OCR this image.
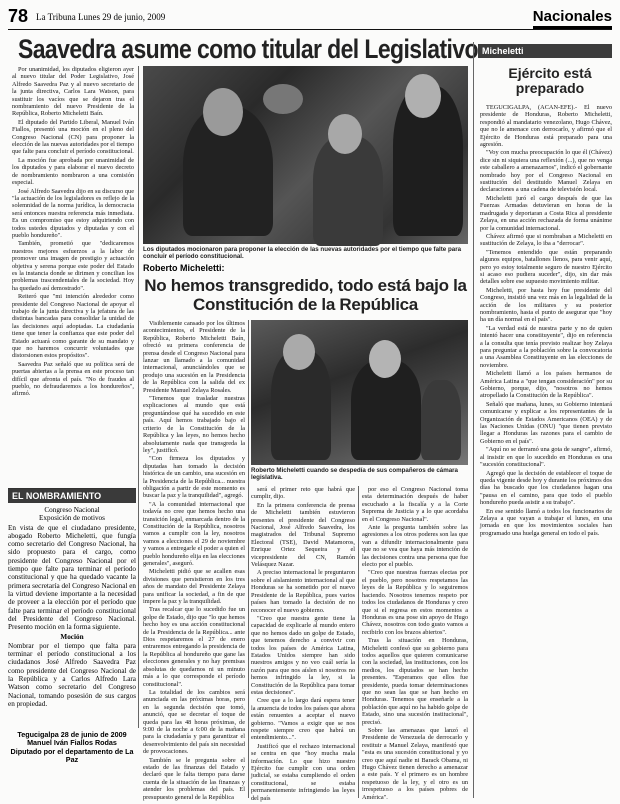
78 La Tribuna Lunes 29 de junio, 2009	Nacionales
Saavedra asume como titular del Legislativo

Por unanimidad, los diputados eligieron ayer al nuevo titular del Poder Legislativo, José Alfredo Saavedra Paz y al nuevo secretario de la junta directiva, Carlos Lara Watson, para sustituir los vacíos que se dejaron tras el nombramiento del nuevo Presidente de la República, Roberto Micheletti Baín.

El diputado del Partido Liberal, Manuel Iván Fiallos, presentó una moción en el pleno del Congreso Nacional (CN) para proponer la elección de las nuevas autoridades por el tiempo que falte para concluir el período constitucional.

La moción fue aprobada por unanimidad de los diputados y para elaborar el nuevo decreto de nombramiento nombraron a una comisión especial.

José Alfredo Saavedra dijo en su discurso que "la actuación de los legisladores es reflejo de la solemnidad de la norma jurídica, la democracia será entonces nuestra referencia más inmediata. Es un compromiso que estoy adquiriendo con todos ustedes diputados y diputadas y con el pueblo hondureño".

También, prometió que "dedicaremos nuestros mejores esfuerzos a la labor de promover una imagen de prestigio y actuación objetiva y serena porque este poder del Estado es la instancia donde se dirimen y concilian los problemas trascendentales de la sociedad. Hoy ha quedado así demostrado".

Reiteró que "mi intención alrededor como presidente del Congreso Nacional de apoyar el trabajo de la junta directiva y la jefatura de las distintas bancadas para consolidar la unidad de las decisiones aquí adoptadas. La ciudadanía tiene que tener la confianza que este poder del Estado actuará como garante de su mandato y que no haremos concurrir voluntades que distorsionen estos propósitos".

Saavedra Paz señaló que su política será de puertas abiertas a la prensa en este proceso tan difícil que afronta el país. "No de fraudes al pueblo, no defraudaremos a los hondureños", afirmó.

Los diputados mocionaron para proponer la elección de las nuevas autoridades por el tiempo que falte para concluir el período constitucional.
Roberto Micheletti:
No hemos transgredido, todo está bajo la Constitución de la República

Visiblemente cansado por los últimos acontecimientos, el Presidente de la República, Roberto Micheletti Baín, ofreció su primera conferencia de prensa desde el Congreso Nacional para lanzar un llamado a la comunidad internacional, anunciándoles que se produjo una sucesión en la Presidencia de la República con la salida del ex Presidente Manuel Zelaya Rosales.

"Tenemos que trasladar nuestras explicaciones al mundo que está preguntándose qué ha sucedido en este país. Aquí hemos trabajado bajo el criterio de la Constitución de la República y las leyes, no hemos hecho absolutamente nada que transgreda la ley", justificó.

"Con firmeza los diputados y diputadas han tomado la decisión histórica de un cambio, una sucesión en la Presidencia de la República... nuestra obligación a partir de este momento es buscar la paz y la tranquilidad", agregó.

"A la comunidad internacional que todavía no cree que hemos hecho una transición legal, enmarcada dentro de la Constitución de la República, nosotros vamos a cumplir con la ley, nosotros vamos a elecciones el 29 de noviembre y vamos a entregarle el poder a quien el pueblo hondureño elija en las elecciones generales", aseguró.

Micheletti pidió que se acallen esas divisiones que persistieron en los tres años de mandato del Presidente Zelaya para unificar la sociedad, a fin de que impere la paz y la tranquilidad.

Tras recalcar que lo sucedido fue un golpe de Estado, dijo que "lo que hemos hecho hoy es una acción constitucional de la Presidencia de la República... ante Dios respetaremos el 27 de enero entraremos entregando la presidencia de la República al hondureño que gane las elecciones generales y no hay premisas absolutas de quedarnos ni un minuto más a lo que corresponde el período constitucional".

La totalidad de los cambios será anunciada en las próximas horas, pero en la segunda decisión que tomó, anunció, que se decretar el toque de queda para las 48 horas próximas, de 9:00 de la noche a 6:00 de la mañana para la ciudadanía y para garantizar el desenvolvimiento del país sin necesidad de provocaciones.

También se le pregunta sobre el estado de las finanzas del Estado y declaró que le falta tiempo para darse cuenta de la situación de las finanzas y atender los problemas del país. El presupuesto general de la República

Roberto Micheletti cuando se despedía de sus compañeros de cámara legislativa.

será el primer reto que habrá que cumplir, dijo.

En la primera conferencia de prensa de Micheletti también estuvieron presentes el presidente del Congreso Nacional, José Alfredo Saavedra, los magistrados del Tribunal Supremo Electoral (TSE), David Matamoros, Enrique Ortez Sequeira y el vicepresidente del CN, Ramón Velásquez Nazar.

A preciso internacional le preguntaron sobre el aislamiento internacional al que Honduras se ha sometido por el nuevo Presidente de la República, pues varios países han tomado la decisión de no reconocer el nuevo gobierno.

"Creo que nuestra gente tiene la capacidad de explicarle al mundo entero que no hemos dado un golpe de Estado, que tenemos derecho a convivir con todos los países de América Latina, Estados Unidos siempre han sido nuestros amigos y no veo cuál sería la razón para que nos aíslen si nosotros no hemos infringido la ley, si la Constitución de la República para tomar estas decisiones".

Cree que a lo largo dará espera tener la anuencia de todos los países que ahora están renuentes a aceptar el nuevo gobierno. "Vamos a exigir que se nos respete siempre creo que habrá un entendimiento...".

Justificó que el rechazo internacional se centra en que "hoy mucha mala información. Lo que hizo nuestro Ejército fue cumplir con una orden judicial, se estaba cumpliendo el orden constitucional, se estaba permanentemente infringiendo las leyes del país

por eso el Congreso Nacional toma esta determinación después de haber escuchado a la fiscalía y a la Corte Suprema de Justicia y a lo que acordaba en el Congreso Nacional".

Ante la pregunta también sobre las agresiones a los otros poderes son las que van a difundir internacionalmente para que no se vea que haya más intención de las decisiones contra una persona que fue electo por el pueblo.

"Creo que nuestras fuerzas electas por el pueblo, pero nosotros respetamos las leyes de la República y lo seguiremos haciendo. Nosotros tenemos respeto por todos los ciudadanos de Honduras y creo que si el regresa en estos momentos a Honduras es una pose sin apoyo de Hugo Chávez, nosotros con todo gusto vamos a recibirlo con los brazos abiertos".

Tras la situación en Honduras, Micheletti confesó que su gobierno para todos aquellos que quieren comunicarse con la sociedad, las instituciones, con los medios, los diputados se han hecho presentes. "Esperamos que ellos fue presidente, pueda tomar determinaciones que no sean las que se han hecho en Honduras. Tenemos que enseñarle a la población que aquí no ha habido golpe de Estado, sino una sucesión institucional", precisó.

Sobre las amenazas que lanzó el Presidente de Venezuela de derrocarlo y restituir a Manuel Zelaya, manifestó que "esta es una sucesión constitucional y yo creo que aquí nadie ni Barack Obama, ni Hugo Chávez tienen derecho a amenazar a este país. Y el primero es un hombre respetuoso de la ley, y el otro es un irrespetuoso a los países pobres de América".

EL NOMBRAMIENTO
Congreso Nacional
Exposición de motivos
En vista de que el ciudadano presidente, abogado Roberto Micheletti, que fungía como secretario del Congreso Nacional, ha sido propuesto para el cargo, como presidente del Congreso Nacional por el tiempo que falte para terminar el período constitucional y que ha quedado vacante la primera secretaría del Congreso Nacional en la virtud deviene importante a la necesidad de proveer a la elección por el período que falte para terminar el período constitucional del Presidente del Congreso Nacional. Presento moción en la forma siguiente.
Moción
Nombrar por el tiempo que falta para terminar el período constitucional a los ciudadanos José Alfredo Saavedra Paz como presidente del Congreso Nacional de la República y a Carlos Alfredo Lara Watson como secretario del Congreso Nacional, tomando posesión de sus cargos en propiedad.
Tegucigalpa 28 de junio de 2009
Manuel Iván Fiallos Rodas
Diputado por el departamento de La Paz
Micheletti
Ejército está preparado

TEGUCIGALPA, (ACAN-EFE).- El nuevo presidente de Honduras, Roberto Micheletti, respondió al mandatario venezolano, Hugo Chávez, que no le amenace con derrocarlo, y afirmó que el Ejército de Honduras está preparado para una agresión.

"Voy con mucha preocupación lo que él (Chávez) dice sin ni siquiera una reflexión (...), que no venga este caballero a amenazarnos", indicó el gobernante nombrado hoy por el Congreso Nacional en sustitución del destituido Manuel Zelaya en declaraciones a una cadena de televisión local.

Micheletti juró el cargo después de que las Fuerzas Armadas detuvieran en horas de la madrugada y deportaran a Costa Rica al presidente Zelaya, en una acción rechazada de forma unánime por la comunidad internacional.

Chávez afirmó que si nombraban a Micheletti en sustitución de Zelaya, lo iba a "derrocar".

"Tenemos entendido que están preparando algunos equipos, batallones llenos, para venir aquí, pero yo estoy totalmente seguro de nuestro Ejército si acaso eso pudiera suceder", dijo, sin dar más detalles sobre ese supuesto movimiento militar.

Micheletti, por hasta hoy fue presidente del Congreso, insistió una vez más en la legalidad de la acción de los militares y su posterior nombramiento, hasta el punto de asegurar que "hoy ha un día normal en el país".

"La verdad está de nuestra parte y no de quien intentó hacer una constituyente", dijo en referencia a la consulta que tenía previsto realizar hoy Zelaya para preguntar a la población sobre la convocatoria a una Asamblea Constituyente en las elecciones de noviembre.

Micheletti llamó a los países hermanos de América Latina a "que tengan consideración" por su Gobierno, porque, dijo, "nosotros no hemos atropellado la Constitución de la República".

Señaló que mañana, lunes, su Gobierno intentará comunicarse y explicar a los representantes de la Organización de Estados Americanos (OEA) y de las Naciones Unidas (ONU) "que tienen previsto llegar a Honduras las razones para el cambio de Gobierno en el país".

"Aquí no se derramó una gota de sangre", afirmó, al insistir en que lo sucedido en Honduras es una "sucesión constitucional".

Agregó que la decisión de establecer el toque de queda vigente desde hoy y durante los próximos dos días ha buscado que los ciudadanos hagan una "pausa en el camino, para que todo el pueblo hondureño pueda asistir a su trabajo".

En ese sentido llamó a todos los funcionarios de Zelaya a que vayan a trabajar el lunes, en una jornada en que los movimientos sociales han programado una huelga general en todo el país.
